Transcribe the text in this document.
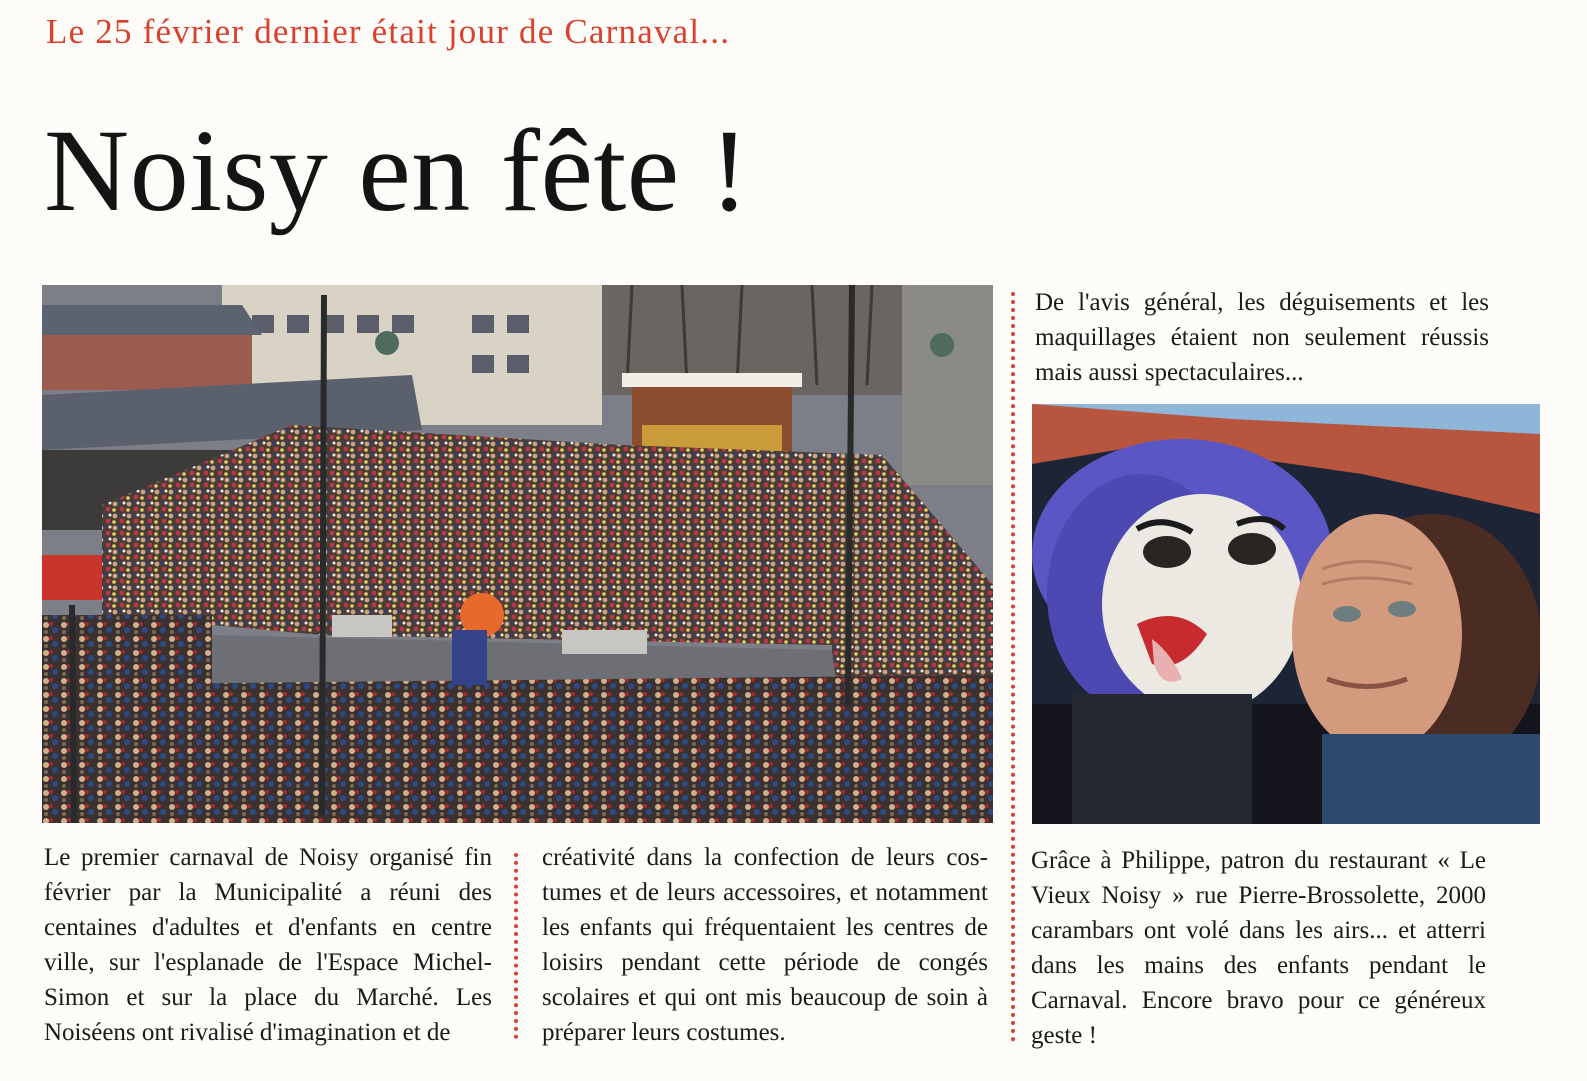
Le 25 février dernier était jour de Carnaval...
Noisy en fête !
De l'avis général, les déguisements et les maquillages étaient non seulement réussis mais aussi spectaculaires...
Le premier carnaval de Noisy organisé fin février par la Municipalité a réuni des centaines d'adultes et d'enfants en centre ville, sur l'esplanade de l'Espace Michel-Simon et sur la place du Marché. Les Noiséens ont rivalisé d'imagination et de
créativité dans la confection de leurs costumes et de leurs accessoires, et notamment les enfants qui fréquentaient les centres de loisirs pendant cette période de congés scolaires et qui ont mis beaucoup de soin à préparer leurs costumes.
Grâce à Philippe, patron du restaurant « Le Vieux Noisy » rue Pierre-Brossolette, 2000 carambars ont volé dans les airs... et atterri dans les mains des enfants pendant le Carnaval. Encore bravo pour ce généreux geste !
